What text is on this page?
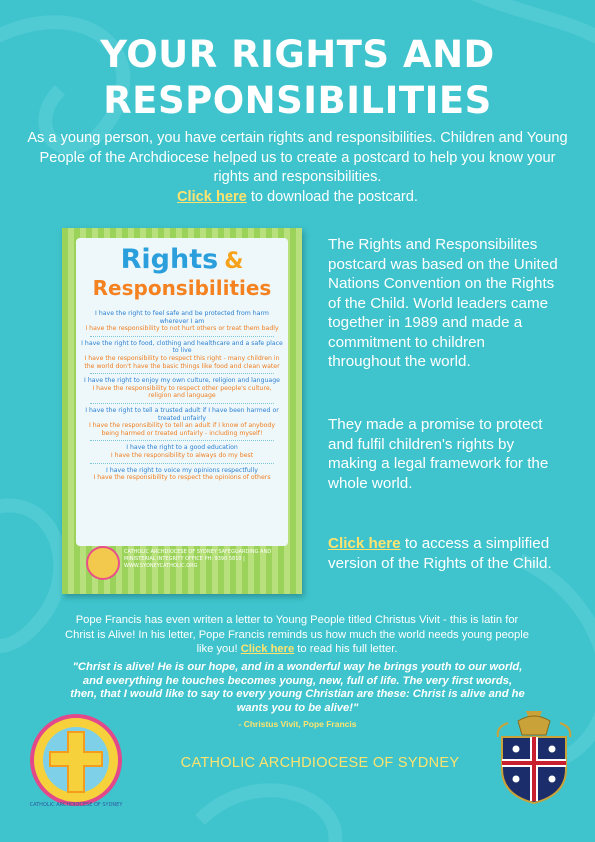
YOUR RIGHTS AND
RESPONSIBILITIES
As a young person, you have certain rights and responsibilities. Children and Young People of the Archdiocese helped us to create a postcard to help you know your rights and responsibilities.
Click here to download the postcard.
Rights &
Responsibilities

I have the right to feel safe and be protected from harm wherever I am

I have the responsibility to not hurt others or treat them badly

I have the right to food, clothing and healthcare and a safe place to live

I have the responsibility to respect this right - many children in the world don't have the basic things like food and clean water

I have the right to enjoy my own culture, religion and language

I have the responsibility to respect other people's culture, religion and language

I have the right to tell a trusted adult if I have been harmed or treated unfairly

I have the responsibility to tell an adult if I know of anybody being harmed or treated unfairly - including myself!

I have the right to a good education

I have the responsibility to always do my best

I have the right to voice my opinions respectfully

I have the responsibility to respect the opinions of others

CATHOLIC ARCHDIOCESE OF SYDNEY SAFEGUARDING AND MINISTERIAL INTEGRITY OFFICE PH: 9390 5810 | WWW.SYDNEYCATHOLIC.ORG
The Rights and Responsibilites postcard was based on the United Nations Convention on the Rights of the Child. World leaders came together in 1989 and made a commitment to children throughout the world.
They made a promise to protect and fulfil children's rights by making a legal framework for the whole world.
Click here to access a simplified version of the Rights of the Child.
Pope Francis has even writen a letter to Young People titled Christus Vivit - this is latin for Christ is Alive! In his letter, Pope Francis reminds us how much the world needs young people like you! Click here to read his full letter.
"Christ is alive! He is our hope, and in a wonderful way he brings youth to our world, and everything he touches becomes young, new, full of life. The very first words, then, that I would like to say to every young Christian are these: Christ is alive and he wants you to be alive!"
- Christus Vivit, Pope Francis
CATHOLIC ARCHDIOCESE OF SYDNEY
CATHOLIC ARCHDIOCESE OF SYDNEY
